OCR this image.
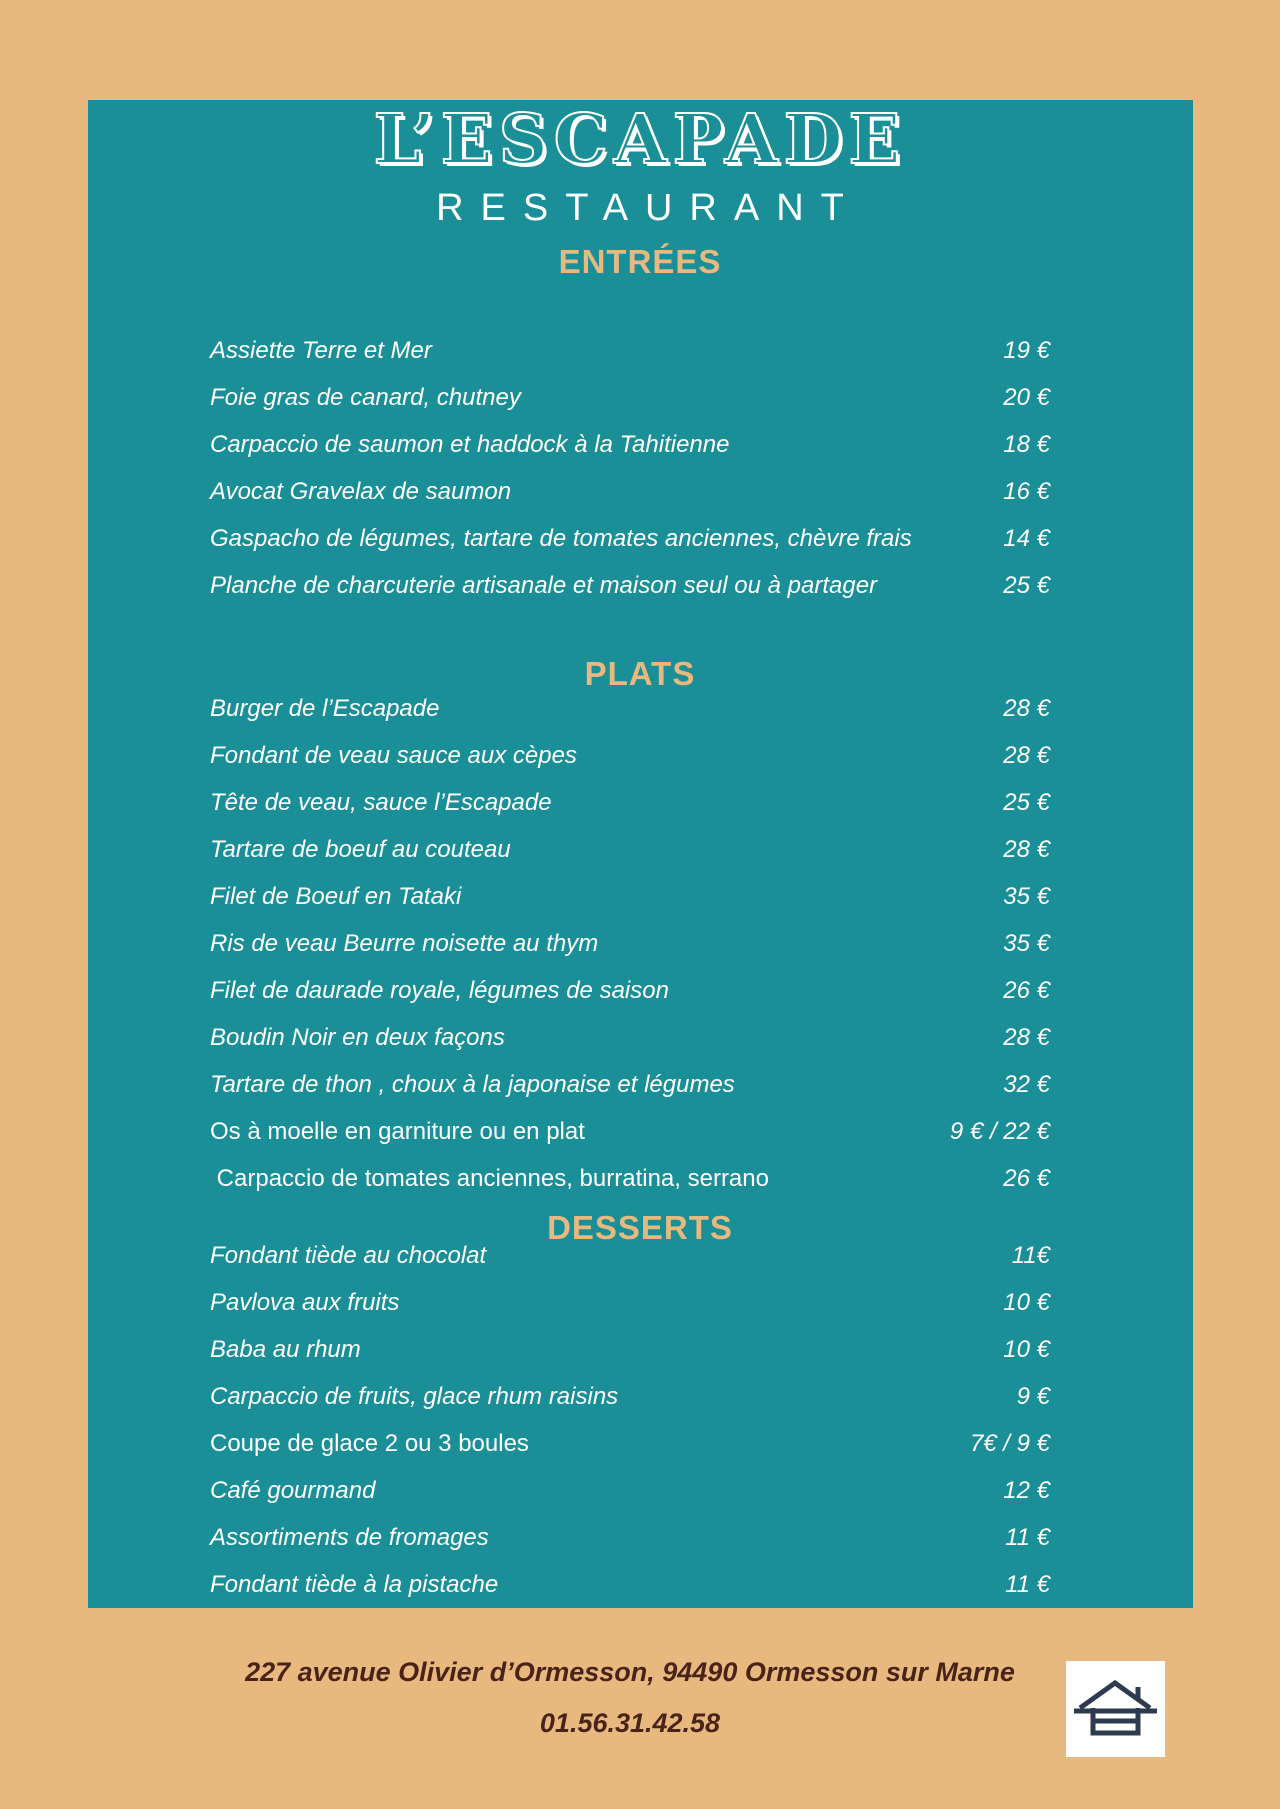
L’ESCAPADE
RESTAURANT
ENTRÉES
Assiette Terre et Mer	19 €
Foie gras de canard, chutney	20 €
Carpaccio de saumon et haddock à la Tahitienne	18 €
Avocat Gravelax de saumon	16 €
Gaspacho de légumes, tartare de tomates anciennes, chèvre frais	14 €
Planche de charcuterie artisanale et maison seul ou à partager	25 €
PLATS
Burger de l’Escapade	28 €
Fondant de veau sauce aux cèpes	28 €
Tête de veau, sauce l’Escapade	25 €
Tartare de boeuf au couteau	28 €
Filet de Boeuf en Tataki	35 €
Ris de veau Beurre noisette au thym	35 €
Filet de daurade royale, légumes de saison	26 €
Boudin Noir en deux façons	28 €
Tartare de thon , choux à la japonaise et légumes	32 €
Os à moelle en garniture ou en plat	9 € / 22 €
Carpaccio de tomates anciennes, burratina, serrano	26 €
DESSERTS
Fondant tiède au chocolat	11€
Pavlova aux fruits	10 €
Baba au rhum	10 €
Carpaccio de fruits, glace rhum raisins	9 €
Coupe de glace 2 ou 3 boules	7€ / 9 €
Café gourmand	12 €
Assortiments de fromages	11 €
Fondant tiède à la pistache	11 €
227 avenue Olivier d’Ormesson, 94490 Ormesson sur Marne
01.56.31.42.58
